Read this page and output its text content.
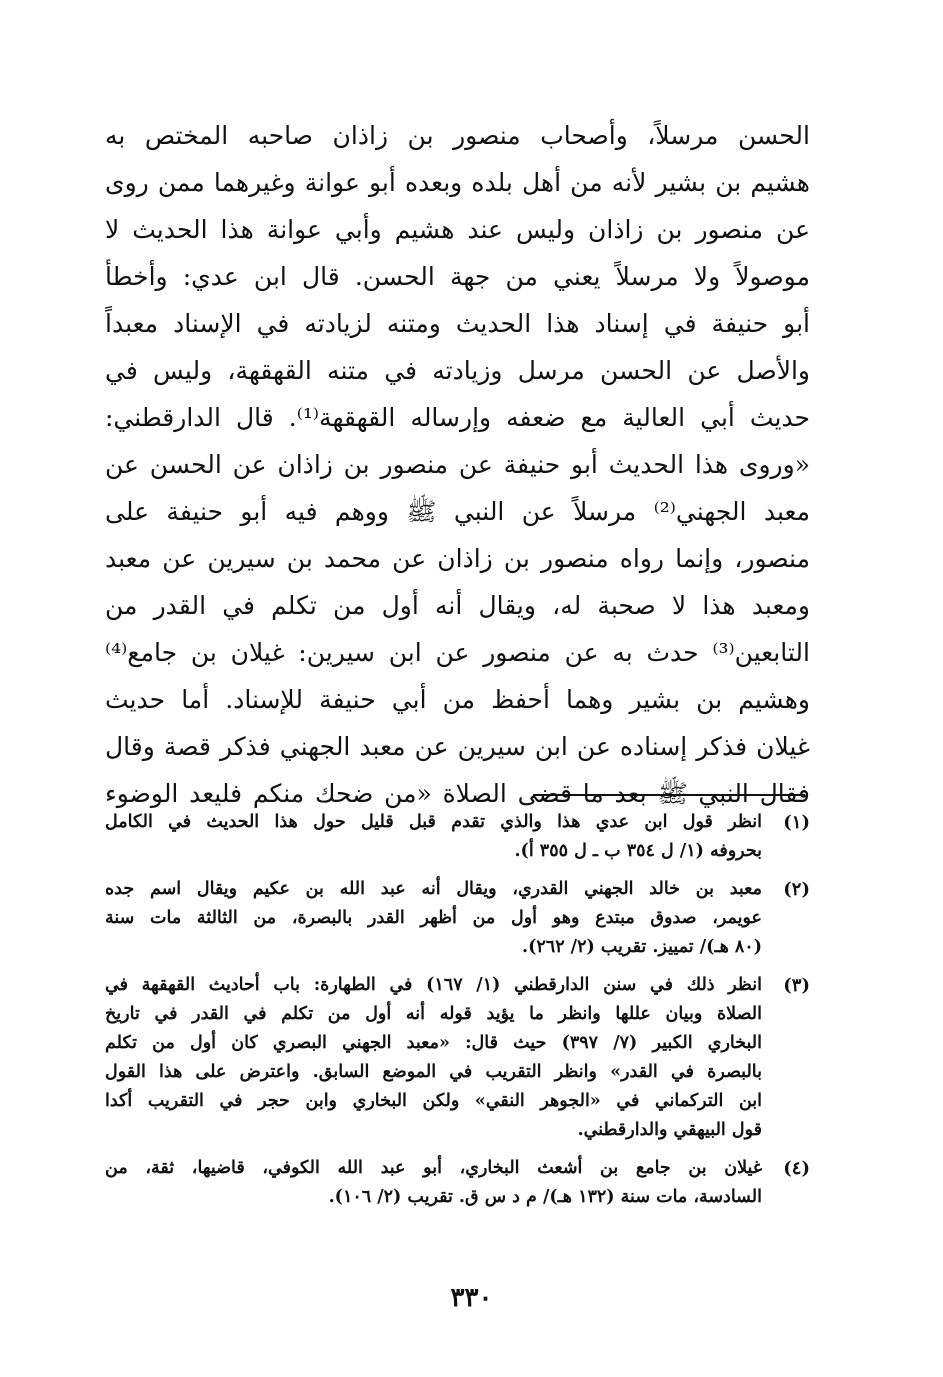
الحسن مرسلاً، وأصحاب منصور بن زاذان صاحبه المختص به
هشيم بن بشير لأنه من أهل بلده وبعده أبو عوانة وغيرهما ممن روى
عن منصور بن زاذان وليس عند هشيم وأبي عوانة هذا الحديث لا
موصولاً ولا مرسلاً يعني من جهة الحسن. قال ابن عدي: وأخطأ
أبو حنيفة في إسناد هذا الحديث ومتنه لزيادته في الإسناد معبداً
والأصل عن الحسن مرسل وزيادته في متنه القهقهة، وليس في
حديث أبي العالية مع ضعفه وإرساله القهقهة⁽¹⁾. قال الدارقطني:
«وروى هذا الحديث أبو حنيفة عن منصور بن زاذان عن الحسن عن
معبد الجهني⁽²⁾ مرسلاً عن النبي ﷺ ووهم فيه أبو حنيفة على
منصور، وإنما رواه منصور بن زاذان عن محمد بن سيرين عن معبد
ومعبد هذا لا صحبة له، ويقال أنه أول من تكلم في القدر من
التابعين⁽³⁾ حدث به عن منصور عن ابن سيرين: غيلان بن جامع⁽⁴⁾
وهشيم بن بشير وهما أحفظ من أبي حنيفة للإسناد. أما حديث
غيلان فذكر إسناده عن ابن سيرين عن معبد الجهني فذكر قصة وقال
فقال النبي ﷺ بعد ما قضى الصلاة «من ضحك منكم فليعد الوضوء
(١)
انظر قول ابن عدي هذا والذي تقدم قبل قليل حول هذا الحديث في الكامل
بحروفه (١/ ل ٣٥٤ ب ـ ل ٣٥٥ أ).
(٢)
معبد بن خالد الجهني القدري، ويقال أنه عبد الله بن عكيم ويقال اسم جده
عويمر، صدوق مبتدع وهو أول من أظهر القدر بالبصرة، من الثالثة مات سنة
(٨٠ هـ)/ تمييز. تقريب (٢/ ٢٦٢).
(٣)
انظر ذلك في سنن الدارقطني (١/ ١٦٧) في الطهارة: باب أحاديث القهقهة في
الصلاة وبيان عللها وانظر ما يؤيد قوله أنه أول من تكلم في القدر في تاريخ
البخاري الكبير (٧/ ٣٩٧) حيث قال: «معبد الجهني البصري كان أول من تكلم
بالبصرة في القدر» وانظر التقريب في الموضع السابق. واعترض على هذا القول
ابن التركماني في «الجوهر النقي» ولكن البخاري وابن حجر في التقريب أكدا
قول البيهقي والدارقطني.
(٤)
غيلان بن جامع بن أشعث البخاري، أبو عبد الله الكوفي، قاضيها، ثقة، من
السادسة، مات سنة (١٣٢ هـ)/ م د س ق. تقريب (٢/ ١٠٦).
٣٣٠
